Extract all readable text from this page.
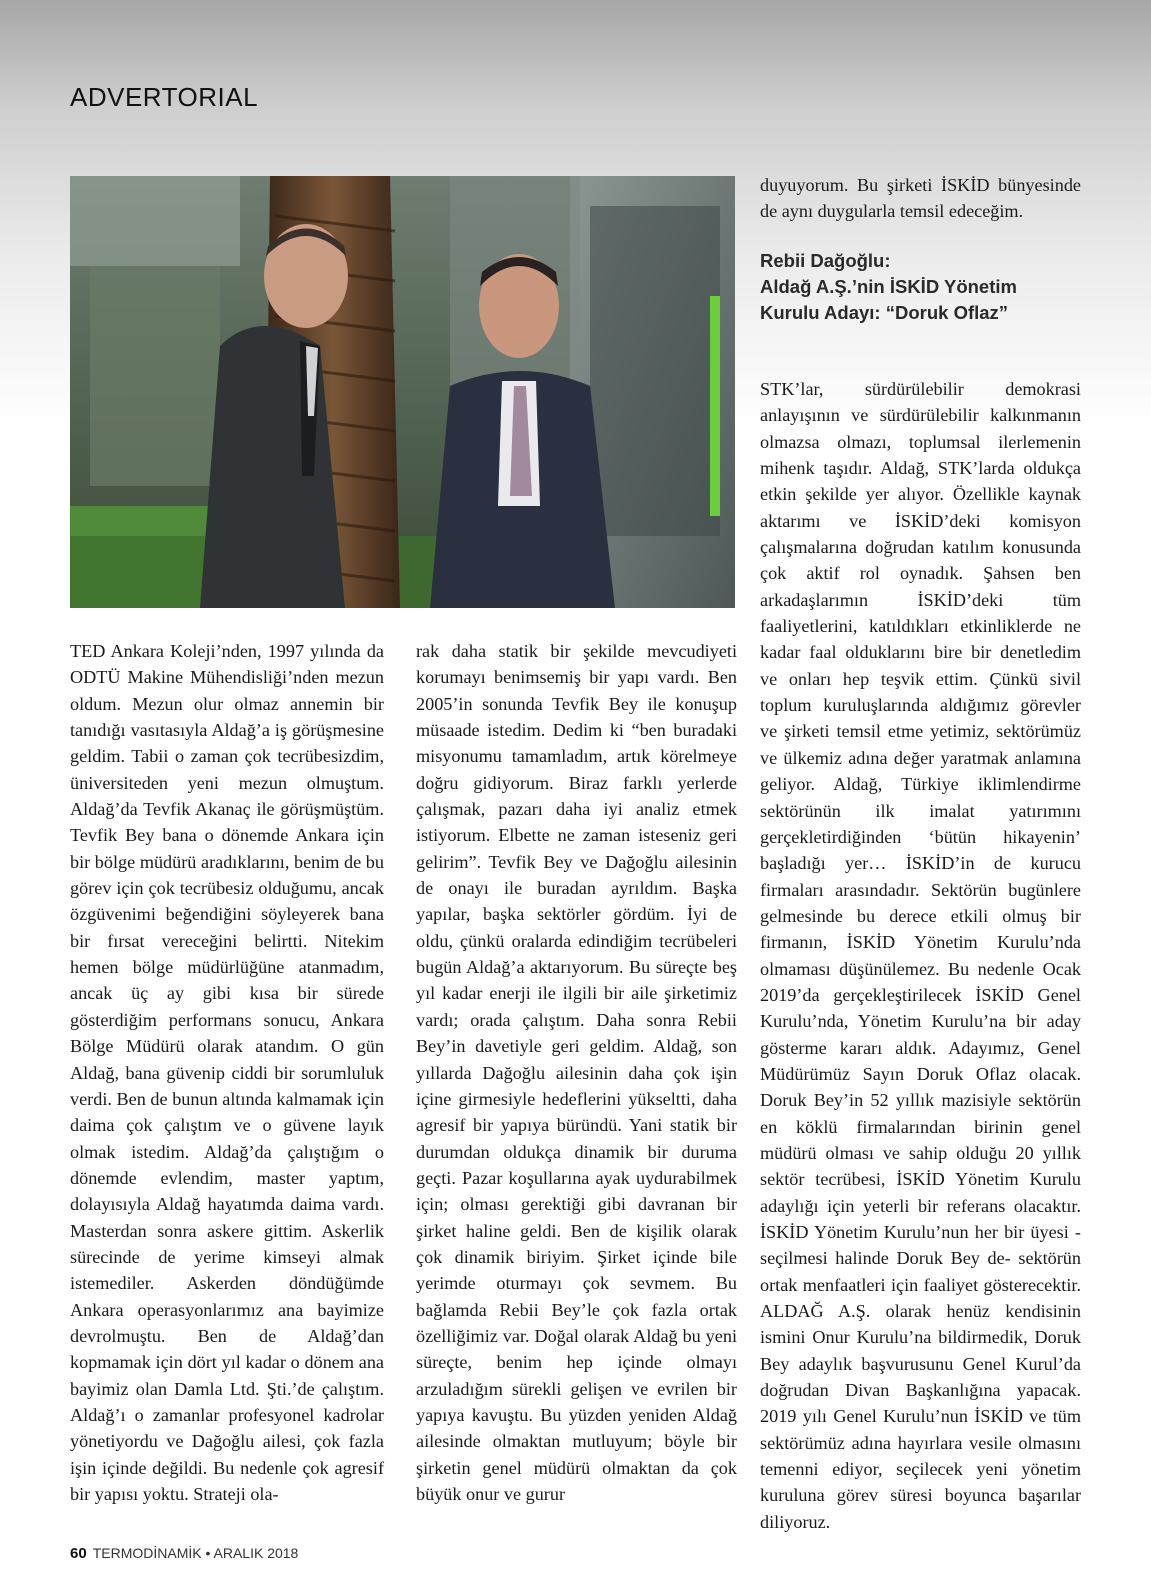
ADVERTORIAL
TED Ankara Koleji’nden, 1997 yılında da ODTÜ Makine Mühendisliği’nden mezun oldum. Mezun olur olmaz annemin bir tanıdığı vasıtasıyla Aldağ’a iş görüşmesine geldim. Tabii o zaman çok tecrübesizdim, üniversiteden yeni mezun olmuştum. Aldağ’da Tevfik Akanaç ile görüşmüştüm. Tevfik Bey bana o dönemde Ankara için bir bölge müdürü aradıklarını, benim de bu görev için çok tecrübesiz olduğumu, ancak özgüvenimi beğendiğini söyleyerek bana bir fırsat vereceğini belirtti. Nitekim hemen bölge müdürlüğüne atanmadım, ancak üç ay gibi kısa bir sürede gösterdiğim performans sonucu, Ankara Bölge Müdürü olarak atandım. O gün Aldağ, bana güvenip ciddi bir sorumluluk verdi. Ben de bunun altında kalmamak için daima çok çalıştım ve o güvene layık olmak istedim. Aldağ’da çalıştığım o dönemde evlendim, master yaptım, dolayısıyla Aldağ hayatımda daima vardı. Masterdan sonra askere gittim. Askerlik sürecinde de yerime kimseyi almak istemediler. Askerden döndüğümde Ankara operasyonlarımız ana bayimize devrolmuştu. Ben de Aldağ’dan kopmamak için dört yıl kadar o dönem ana bayimiz olan Damla Ltd. Şti.’de çalıştım. Aldağ’ı o zamanlar profesyonel kadrolar yönetiyordu ve Dağoğlu ailesi, çok fazla işin içinde değildi. Bu nedenle çok agresif bir yapısı yoktu. Strateji ola-
rak daha statik bir şekilde mevcudiyeti korumayı benimsemiş bir yapı vardı. Ben 2005’in sonunda Tevfik Bey ile konuşup müsaade istedim. Dedim ki “ben buradaki misyonumu tamamladım, artık körelmeye doğru gidiyorum. Biraz farklı yerlerde çalışmak, pazarı daha iyi analiz etmek istiyorum. Elbette ne zaman isteseniz geri gelirim”. Tevfik Bey ve Dağoğlu ailesinin de onayı ile buradan ayrıldım. Başka yapılar, başka sektörler gördüm. İyi de oldu, çünkü oralarda edindiğim tecrübeleri bugün Aldağ’a aktarıyorum. Bu süreçte beş yıl kadar enerji ile ilgili bir aile şirketimiz vardı; orada çalıştım. Daha sonra Rebii Bey’in davetiyle geri geldim. Aldağ, son yıllarda Dağoğlu ailesinin daha çok işin içine girmesiyle hedeflerini yükseltti, daha agresif bir yapıya büründü. Yani statik bir durumdan oldukça dinamik bir duruma geçti. Pazar koşullarına ayak uydurabilmek için; olması gerektiği gibi davranan bir şirket haline geldi. Ben de kişilik olarak çok dinamik biriyim. Şirket içinde bile yerimde oturmayı çok sevmem. Bu bağlamda Rebii Bey’le çok fazla ortak özelliğimiz var. Doğal olarak Aldağ bu yeni süreçte, benim hep içinde olmayı arzuladığım sürekli gelişen ve evrilen bir yapıya kavuştu. Bu yüzden yeniden Aldağ ailesinde olmaktan mutluyum; böyle bir şirketin genel müdürü olmaktan da çok büyük onur ve gurur
duyuyorum. Bu şirketi İSKİD bünyesinde de aynı duygularla temsil edeceğim.
Rebii Dağoğlu:
Aldağ A.Ş.’nin İSKİD Yönetim
Kurulu Adayı: “Doruk Oflaz”
STK’lar, sürdürülebilir demokrasi anlayışının ve sürdürülebilir kalkınmanın olmazsa olmazı, toplumsal ilerlemenin mihenk taşıdır. Aldağ, STK’larda oldukça etkin şekilde yer alıyor. Özellikle kaynak aktarımı ve İSKİD’deki komisyon çalışmalarına doğrudan katılım konusunda çok aktif rol oynadık. Şahsen ben arkadaşlarımın İSKİD’deki tüm faaliyetlerini, katıldıkları etkinliklerde ne kadar faal olduklarını bire bir denetledim ve onları hep teşvik ettim. Çünkü sivil toplum kuruluşlarında aldığımız görevler ve şirketi temsil etme yetimiz, sektörümüz ve ülkemiz adına değer yaratmak anlamına geliyor. Aldağ, Türkiye iklimlendirme sektörünün ilk imalat yatırımını gerçekletirdiğinden ‘bütün hikayenin’ başladığı yer… İSKİD’in de kurucu firmaları arasındadır. Sektörün bugünlere gelmesinde bu derece etkili olmuş bir firmanın, İSKİD Yönetim Kurulu’nda olmaması düşünülemez. Bu nedenle Ocak 2019’da gerçekleştirilecek İSKİD Genel Kurulu’nda, Yönetim Kurulu’na bir aday gösterme kararı aldık. Adayımız, Genel Müdürümüz Sayın Doruk Oflaz olacak. Doruk Bey’in 52 yıllık mazisiyle sektörün en köklü firmalarından birinin genel müdürü olması ve sahip olduğu 20 yıllık sektör tecrübesi, İSKİD Yönetim Kurulu adaylığı için yeterli bir referans olacaktır. İSKİD Yönetim Kurulu’nun her bir üyesi -seçilmesi halinde Doruk Bey de- sektörün ortak menfaatleri için faaliyet gösterecektir. ALDAĞ A.Ş. olarak henüz kendisinin ismini Onur Kurulu’na bildirmedik, Doruk Bey adaylık başvurusunu Genel Kurul’da doğrudan Divan Başkanlığına yapacak. 2019 yılı Genel Kurulu’nun İSKİD ve tüm sektörümüz adına hayırlara vesile olmasını temenni ediyor, seçilecek yeni yönetim kuruluna görev süresi boyunca başarılar diliyoruz.
60 TERMODİNAMİK • ARALIK 2018
